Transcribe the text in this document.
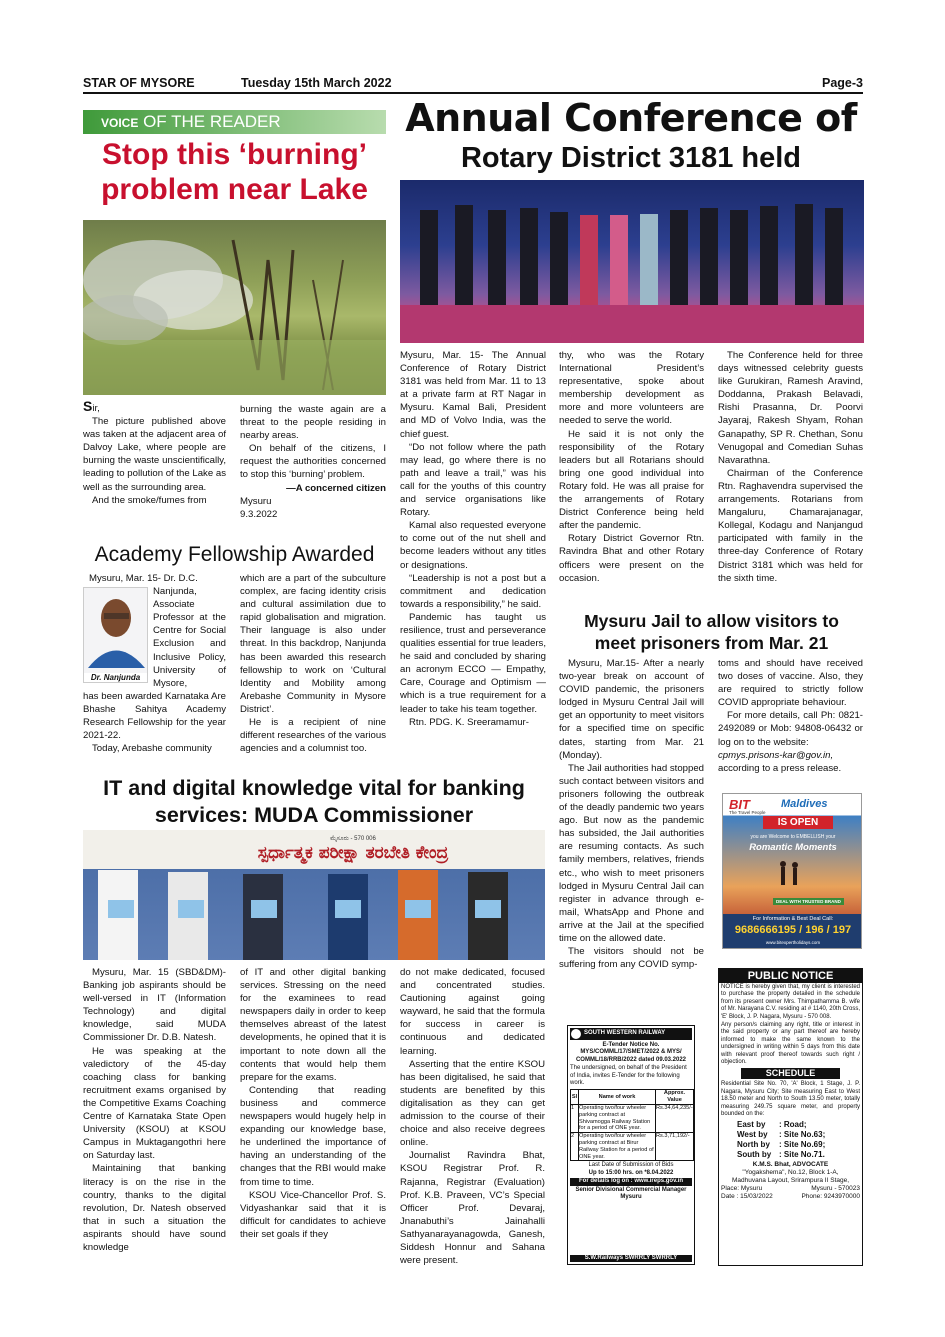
STAR OF MYSORE	Tuesday 15th March 2022	Page-3
VOICE OF THE READER
Stop this ‘burning’
problem near Lake

Sir,

The picture published above was taken at the adjacent area of Dalvoy Lake, where people are burning the waste unscientifically, leading to pollution of the Lake as well as the surrounding area.

And the smoke/fumes from

burning the waste again are a threat to the people residing in nearby areas.

On behalf of the citizens, I request the authorities concerned to stop this ‘burning’ problem.

—A concerned citizen

Mysuru

9.3.2022

Annual Conference of
Rotary District 3181 held

Mysuru, Mar. 15- The Annual Conference of Rotary District 3181 was held from Mar. 11 to 13 at a private farm at RT Nagar in Mysuru. Kamal Bali, President and MD of Volvo India, was the chief guest.

“Do not follow where the path may lead, go where there is no path and leave a trail,” was his call for the youths of this country and service organisations like Rotary.

Kamal also requested everyone to come out of the nut shell and become leaders without any titles or designations.

“Leadership is not a post but a commitment and dedication towards a responsibility,” he said.

Pandemic has taught us resilience, trust and perseverance qualities essential for true leaders, he said and concluded by sharing an acronym ECCO — Empathy, Care, Courage and Optimism — which is a true requirement for a leader to take his team together.

Rtn. PDG. K. Sreeramamur-

thy, who was the Rotary International President’s representative, spoke about membership development as more and more volunteers are needed to serve the world.

He said it is not only the responsibility of the Rotary leaders but all Rotarians should bring one good individual into Rotary fold. He was all praise for the arrangements of Rotary District Conference being held after the pandemic.

Rotary District Governor Rtn. Ravindra Bhat and other Rotary officers were present on the occasion.

The Conference held for three days witnessed celebrity guests like Gurukiran, Ramesh Aravind, Doddanna, Prakash Belavadi, Rishi Prasanna, Dr. Poorvi Jayaraj, Rakesh Shyam, Rohan Ganapathy, SP R. Chethan, Sonu Venugopal and Comedian Suhas Navarathna.

Chairman of the Conference Rtn. Raghavendra supervised the arrangements. Rotarians from Mangaluru, Chamarajanagar, Kollegal, Kodagu and Nanjangud participated with family in the three-day Conference of Rotary District 3181 which was held for the sixth time.

Academy Fellowship Awarded
Dr. Nanjunda

Mysuru, Mar. 15- Dr. D.C.

Nanjunda, Associate Professor at the Centre for Social Exclusion and Inclusive Policy, University of Mysore,

has been awarded Karnataka Are Bhashe Sahitya Academy Research Fellowship for the year 2021-22.

Today, Arebashe community

which are a part of the subculture complex, are facing identity crisis and cultural assimilation due to rapid globalisation and migration. Their language is also under threat. In this backdrop, Nanjunda has been awarded this research fellowship to work on ‘Cultural Identity and Mobility among Arebashe Community in Mysore District’.

He is a recipient of nine different researches of the various agencies and a columnist too.

Mysuru Jail to allow visitors to
meet prisoners from Mar. 21

Mysuru, Mar.15- After a nearly two-year break on account of COVID pandemic, the prisoners lodged in Mysuru Central Jail will get an opportunity to meet visitors for a specified time on specific dates, starting from Mar. 21 (Monday).

The Jail authorities had stopped such contact between visitors and prisoners following the outbreak of the deadly pandemic two years ago. But now as the pandemic has subsided, the Jail authorities are resuming contacts. As such family members, relatives, friends etc., who wish to meet prisoners lodged in Mysuru Central Jail can register in advance through e-mail, WhatsApp and Phone and arrive at the Jail at the specified time on the allowed date.

The visitors should not be suffering from any COVID symp-

toms and should have received two doses of vaccine. Also, they are required to strictly follow COVID appropriate behaviour.

For more details, call Ph: 0821-2492089 or Mob: 94808-06432 or log on to the website:

cpmys.prisons-kar@gov.in, according to a press release.

BIT
The Travel People
Maldives
IS OPEN
you are Welcome to EMBELLISH your
Romantic Moments
DEAL WITH TRUSTED BRAND
For Information & Best Deal Call:
9686666195 / 196 / 197
www.bitexpertholidays.com
PUBLIC NOTICE
NOTICE is hereby given that, my client is interested to purchase the property detailed in the schedule from its present owner Mrs. Thimpathamma B. wife of Mr. Narayana C.V. residing at # 1140, 20th Cross, 'E' Block, J. P. Nagara, Mysuru - 570 008.
Any person/s claiming any right, title or interest in the said property or any part thereof are hereby informed to make the same known to the undersigned in writing within 5 days from this date with relevant proof thereof towards such right / objection.
SCHEDULE
Residential Site No. 70, 'A' Block, 1 Stage, J. P. Nagara, Mysuru City; Site measuring East to West 18.50 meter and North to South 13.50 meter, totally measuring 249.75 square meter, and property bounded on the:
East by : Road;
West by : Site No.63;
North by : Site No.69;
South by : Site No.71.
K.M.S. Bhat, ADVOCATE
"Yogakshema", No.12, Block 1-A,
Madhuvana Layout, Srirampura II Stage,
Place: Mysuru	Mysuru - 570023
Date : 15/03/2022	Phone: 9243970000
IT and digital knowledge vital for banking
services: MUDA Commissioner
ಮೈಸೂರು - 570 006
ಸ್ಪರ್ಧಾತ್ಮಕ ಪರೀಕ್ಷಾ ತರಬೇತಿ ಕೇಂದ್ರ

Mysuru, Mar. 15 (SBD&DM)- Banking job aspirants should be well-versed in IT (Information Technology) and digital knowledge, said MUDA Commissioner Dr. D.B. Natesh.

He was speaking at the valedictory of the 45-day coaching class for banking recruitment exams organised by the Competitive Exams Coaching Centre of Karnataka State Open University (KSOU) at KSOU Campus in Muktagangothri here on Saturday last.

Maintaining that banking literacy is on the rise in the country, thanks to the digital revolution, Dr. Natesh observed that in such a situation the aspirants should have sound knowledge

of IT and other digital banking services. Stressing on the need for the examinees to read newspapers daily in order to keep themselves abreast of the latest developments, he opined that it is important to note down all the contents that would help them prepare for the exams.

Contending that reading business and commerce newspapers would hugely help in expanding our knowledge base, he underlined the importance of having an understanding of the changes that the RBI would make from time to time.

KSOU Vice-Chancellor Prof. S. Vidyashankar said that it is difficult for candidates to achieve their set goals if they

do not make dedicated, focused and concentrated studies. Cautioning against going wayward, he said that the formula for success in career is continuous and dedicated learning.

Asserting that the entire KSOU has been digitalised, he said that students are benefited by this digitalisation as they can get admission to the course of their choice and also receive degrees online.

Journalist Ravindra Bhat, KSOU Registrar Prof. R. Rajanna, Registrar (Evaluation) Prof. K.B. Praveen, VC’s Special Officer Prof. Devaraj, Jnanabuthi’s Jainahalli Sathyanarayanagowda, Ganesh, Siddesh Honnur and Sahana were present.

SOUTH WESTERN RAILWAY
E-Tender Notice No.
MYS/COMML/17/SMET/2022 & MYS/ COMML/18/RRB/2022 dated 09.03.2022
The undersigned, on behalf of the President of India, invites E-Tender for the following work.
Sl	Name of work	Approx. Value
1	Operating two/four wheeler parking contract at Shivamogga Railway Station for a period of ONE year.	Rs.34,64,235/-
2	Operating two/four wheeler parking contract at Birur Railway Station for a period of ONE year.	Rs.3,71,192/-
Last Date of Submission of Bids
Up to 15:00 hrs. on *8.04.2022
For details log on : www.ireps.gov.in
Senior Divisional Commercial Manager
Mysuru
S.W.Railways SWRRLY SWRRLY
